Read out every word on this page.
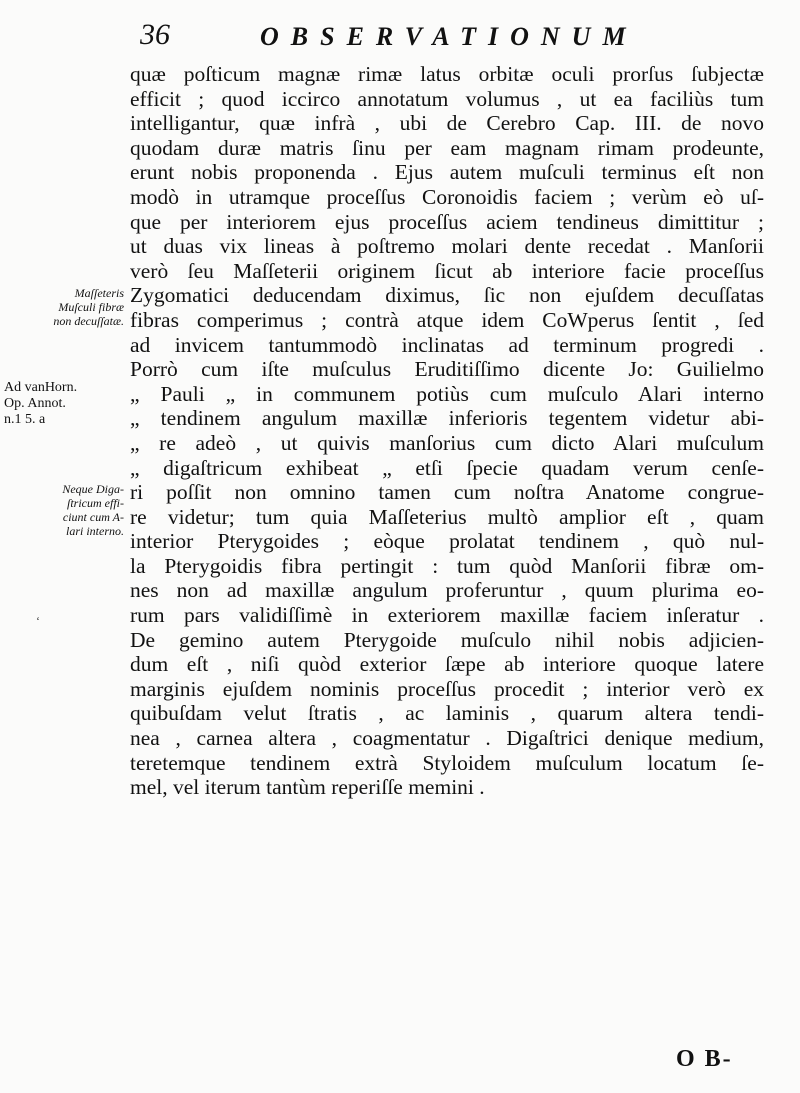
36	OBSERVATIONUM

quæ poſticum magnæ rimæ latus orbitæ oculi prorſus ſubjectæ
efficit ; quod iccirco annotatum volumus , ut ea faciliùs tum
intelligantur, quæ infrà , ubi de Cerebro Cap. III. de novo
quodam duræ matris ſinu per eam magnam rimam prodeunte,
erunt nobis proponenda . Ejus autem muſculi terminus eſt non
modò in utramque proceſſus Coronoidis faciem ; verùm eò uſ-
que per interiorem ejus proceſſus aciem tendineus dimittitur ;
ut duas vix lineas à poſtremo molari dente recedat . Manſorii
verò ſeu Maſſeterii originem ſicut ab interiore facie proceſſus
Zygomatici deducendam diximus, ſic non ejuſdem decuſſatas
fibras comperimus ; contrà atque idem CoWperus ſentit , ſed
ad invicem tantummodò inclinatas ad terminum progredi .
Porrò cum iſte muſculus Eruditiſſimo dicente Jo: Guilielmo
„ Pauli „ in communem potiùs cum muſculo Alari interno
„ tendinem angulum maxillæ inferioris tegentem videtur abi-
„ re adeò , ut quivis manſorius cum dicto Alari muſculum
„ digaſtricum exhibeat „ etſi ſpecie quadam verum cenſe-
ri poſſit non omnino tamen cum noſtra Anatome congrue-
re videtur; tum quia Maſſeterius multò amplior eſt , quam
interior Pterygoides ; eòque prolatat tendinem , quò nul-
la Pterygoidis fibra pertingit : tum quòd Manſorii fibræ om-
nes non ad maxillæ angulum proferuntur , quum plurima eo-
rum pars validiſſimè in exteriorem maxillæ faciem inſeratur .
De gemino autem Pterygoide muſculo nihil nobis adjicien-
dum eſt , niſi quòd exterior ſæpe ab interiore quoque latere
marginis ejuſdem nominis proceſſus procedit ; interior verò ex
quibuſdam velut ſtratis , ac laminis , quarum altera tendi-
nea , carnea altera , coagmentatur . Digaſtrici denique medium,
teretemque tendinem extrà Styloidem muſculum locatum ſe-
mel, vel iterum tantùm reperiſſe memini .
Maſſeteris
Muſculi fibræ
non decuſſatæ.
Ad vanHorn.
Op. Annot.
n.1 5. a
Neque Diga-
ſtricum effi-
ciunt cum A-
lari interno.
‘
O B-
